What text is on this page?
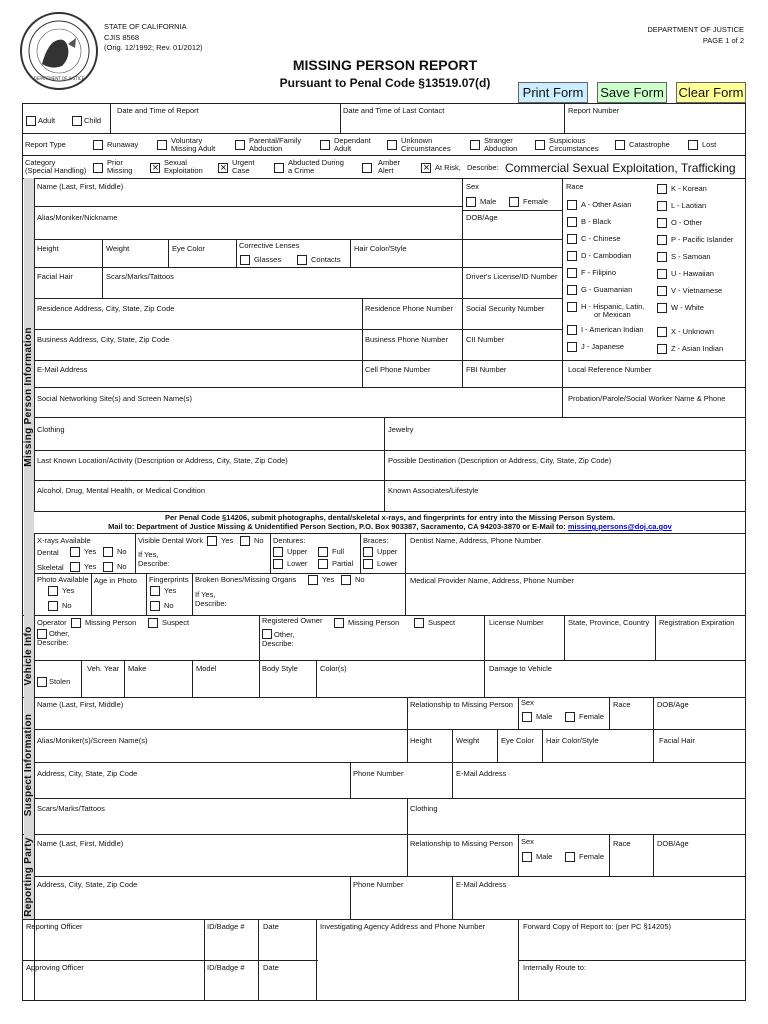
DEPARTMENT OF JUSTICE
STATE OF CALIFORNIA
CJIS 8568
(Orig. 12/1992; Rev. 01/2012)
DEPARTMENT OF JUSTICE
PAGE 1 of 2
MISSING PERSON REPORT
Pursuant to Penal Code §13519.07(d)
Print Form	Save Form Clear Form
Adult	Child
Date and Time of Report	Date and Time of Last Contact	Report Number
Report Type	Runaway	Voluntary
Missing Adult
Parental/Family
Abduction
Dependant
Adult
Unknown
Circumstances
Stranger
Abduction
Suspicious
Circumstances	Catastrophe	Lost
Category
(Special Handling)
Prior
Missing
×
Sexual
Exploitation
×
Urgent
Case
Abducted During
a Crime
Amber
Alert
×	At Risk, Describe: Commercial Sexual Exploitation, Trafficking
Missing Person Information
Name (Last, First, Middle)	Sex
Male	Female
Race
A - Other Asian
K - Korean
B - Black
L - Laotian
C - Chinese
O - Other
D - Cambodian
P - Pacific Islander
F - Filipino
S - Samoan
G - Guamanian
U - Hawaiian
H - Hispanic, Latin,
V - Vietnamese
I - American Indian
W - White
J - Japanese
X - Unknown
Z - Asian Indian
or Mexican
Alias/Moniker/Nickname	DOB/Age
Height	Weight	Eye Color	Corrective Lenses
Glasses	Contacts
Hair Color/Style
Facial Hair	Scars/Marks/Tattoos	Driver's License/ID Number
Residence Address, City, State, Zip Code	Residence Phone Number Social Security Number
Business Address, City, State, Zip Code	Business Phone Number CII Number
E-Mail Address	Cell Phone Number	FBI Number	Local Reference Number
Social Networking Site(s) and Screen Name(s)	Probation/Parole/Social Worker Name & Phone
Clothing	Jewelry
Last Known Location/Activity (Description or Address, City, State, Zip Code)	Possible Destination (Description or Address, City, State, Zip Code)
Alcohol, Drug, Mental Health, or Medical Condition	Known Associates/Lifestyle
Per Penal Code §14206, submit photographs, dental/skeletal x-rays, and fingerprints for entry into the Missing Person System.
Mail to: Department of Justice Missing & Unidentified Person Section, P.O. Box 903387, Sacramento, CA 94203-3870 or E-Mail to: missing.persons@doj.ca.gov
X-rays Available
Dental	Yes	No
Skeletal	Yes	No
Visible Dental Work Yes	No
If Yes,
Describe:
Dentures:
Upper
Lower
Full
Partial
Braces:
Upper
Lower
Dentist Name, Address, Phone Number
Photo Available
Yes
No
Age in Photo Fingerprints
Yes
No
Broken Bones/Missing Organs	Yes	No
If Yes,
Describe:
Medical Provider Name, Address, Phone Number
Vehicle Info
Operator Missing Person	Suspect
Other,
Describe:
Registered Owner	Missing Person	Suspect
Other,
Describe:
License Number	State, Province, Country Registration Expiration
Stolen
Veh. Year Make	Model	Body Style	Color(s)	Damage to Vehicle
Suspect Information
Name (Last, First, Middle)	Relationship to Missing Person Sex
Male	Female
Race	DOB/Age
Alias/Moniker(s)/Screen Name(s)	Height	Weight	Eye Color Hair Color/Style	Facial Hair
Address, City, State, Zip Code	Phone Number	E-Mail Address
Scars/Marks/Tattoos	Clothing
Reporting Party Name (Last, First, Middle)	Relationship to Missing Person Sex
Male	Female
Race	DOB/Age
Address, City, State, Zip Code	Phone Number	E-Mail Address
Reporting Officer	ID/Badge # Date	Investigating Agency Address and Phone Number	Forward Copy of Report to: (per PC §14205)
Approving Officer	ID/Badge # Date	Internally Route to:
